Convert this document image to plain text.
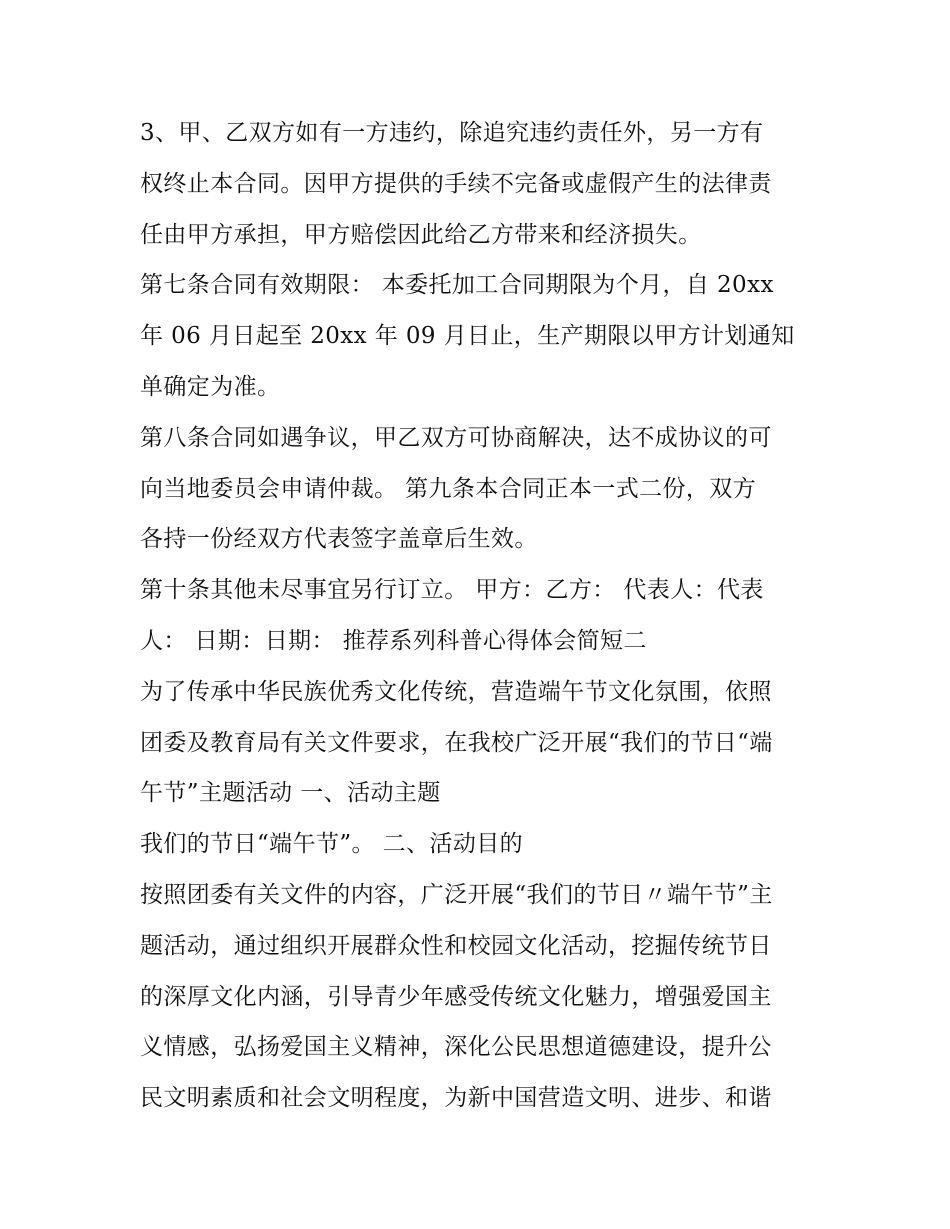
3、甲、乙双方如有一方违约，除追究违约责任外，另一方有
权终止本合同。因甲方提供的手续不完备或虚假产生的法律责
任由甲方承担，甲方赔偿因此给乙方带来和经济损失。
第七条合同有效期限： 本委托加工合同期限为个月，自 20xx
年 06 月日起至 20xx 年 09 月日止，生产期限以甲方计划通知
单确定为准。
第八条合同如遇争议，甲乙双方可协商解决，达不成协议的可
向当地委员会申请仲裁。 第九条本合同正本一式二份，双方
各持一份经双方代表签字盖章后生效。
第十条其他未尽事宜另行订立。 甲方：乙方： 代表人：代表
人： 日期：日期： 推荐系列科普心得体会简短二
为了传承中华民族优秀文化传统，营造端午节文化氛围，依照
团委及教育局有关文件要求，在我校广泛开展“我们的节日“端
午节”主题活动 一、活动主题
我们的节日“端午节”。 二、活动目的
按照团委有关文件的内容，广泛开展“我们的节日〃端午节”主
题活动，通过组织开展群众性和校园文化活动，挖掘传统节日
的深厚文化内涵，引导青少年感受传统文化魅力，增强爱国主
义情感，弘扬爱国主义精神，深化公民思想道德建设，提升公
民文明素质和社会文明程度，为新中国营造文明、进步、和谐
